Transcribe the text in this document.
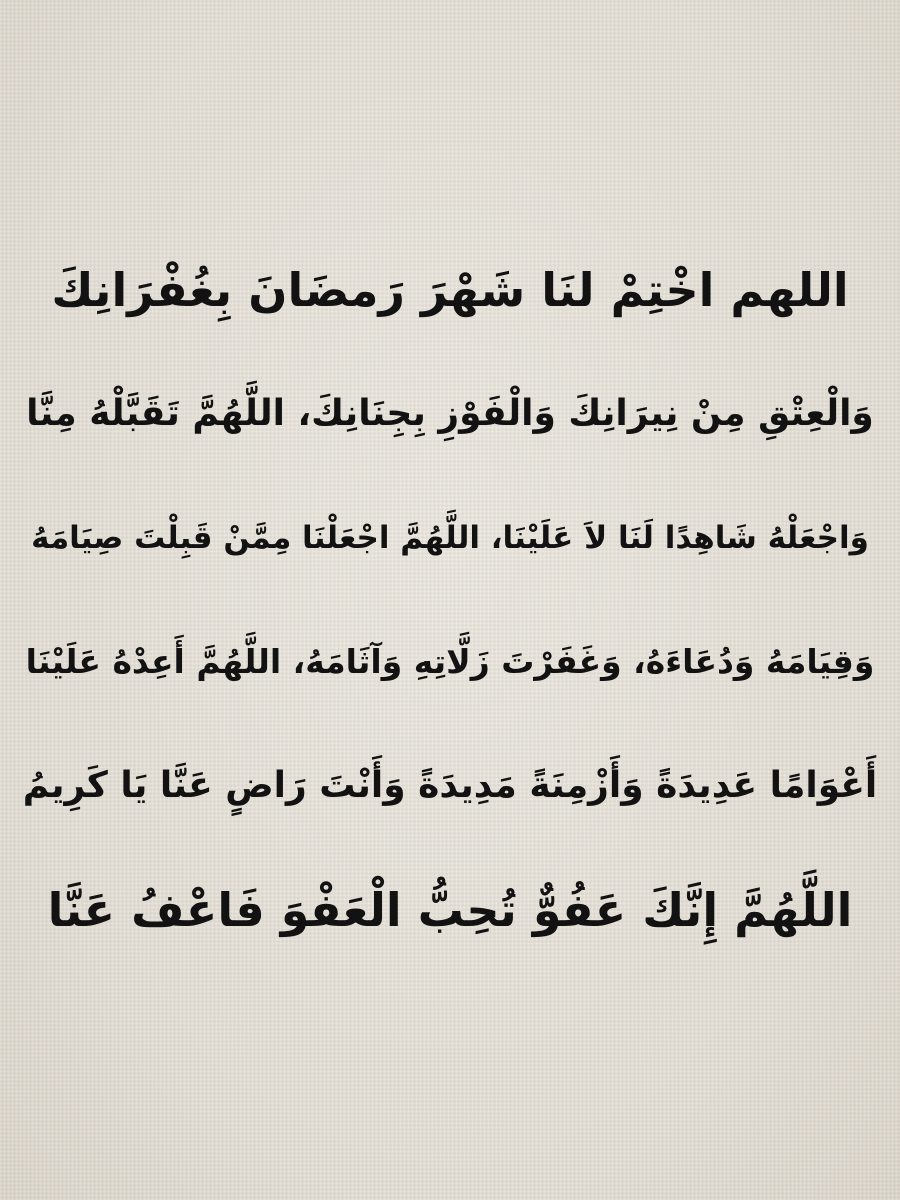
اللهم اخْتِمْ لنَا شَهْرَ رَمضَانَ بِغُفْرَانِكَ
وَالْعِتْقِ مِنْ نِيرَانِكَ وَالْفَوْزِ بِجِنَانِكَ، اللَّهُمَّ تَقَبَّلْهُ مِنَّا
وَاجْعَلْهُ شَاهِدًا لَنَا لاَ عَلَيْنَا، اللَّهُمَّ اجْعَلْنَا مِمَّنْ قَبِلْتَ صِيَامَهُ
وَقِيَامَهُ وَدُعَاءَهُ، وَغَفَرْتَ زَلَّاتِهِ وَآثَامَهُ، اللَّهُمَّ أَعِدْهُ عَلَيْنَا
أَعْوَامًا عَدِيدَةً وَأَزْمِنَةً مَدِيدَةً وَأَنْتَ رَاضٍ عَنَّا يَا كَرِيمُ
اللَّهُمَّ إِنَّكَ عَفُوٌّ تُحِبُّ الْعَفْوَ فَاعْفُ عَنَّا
